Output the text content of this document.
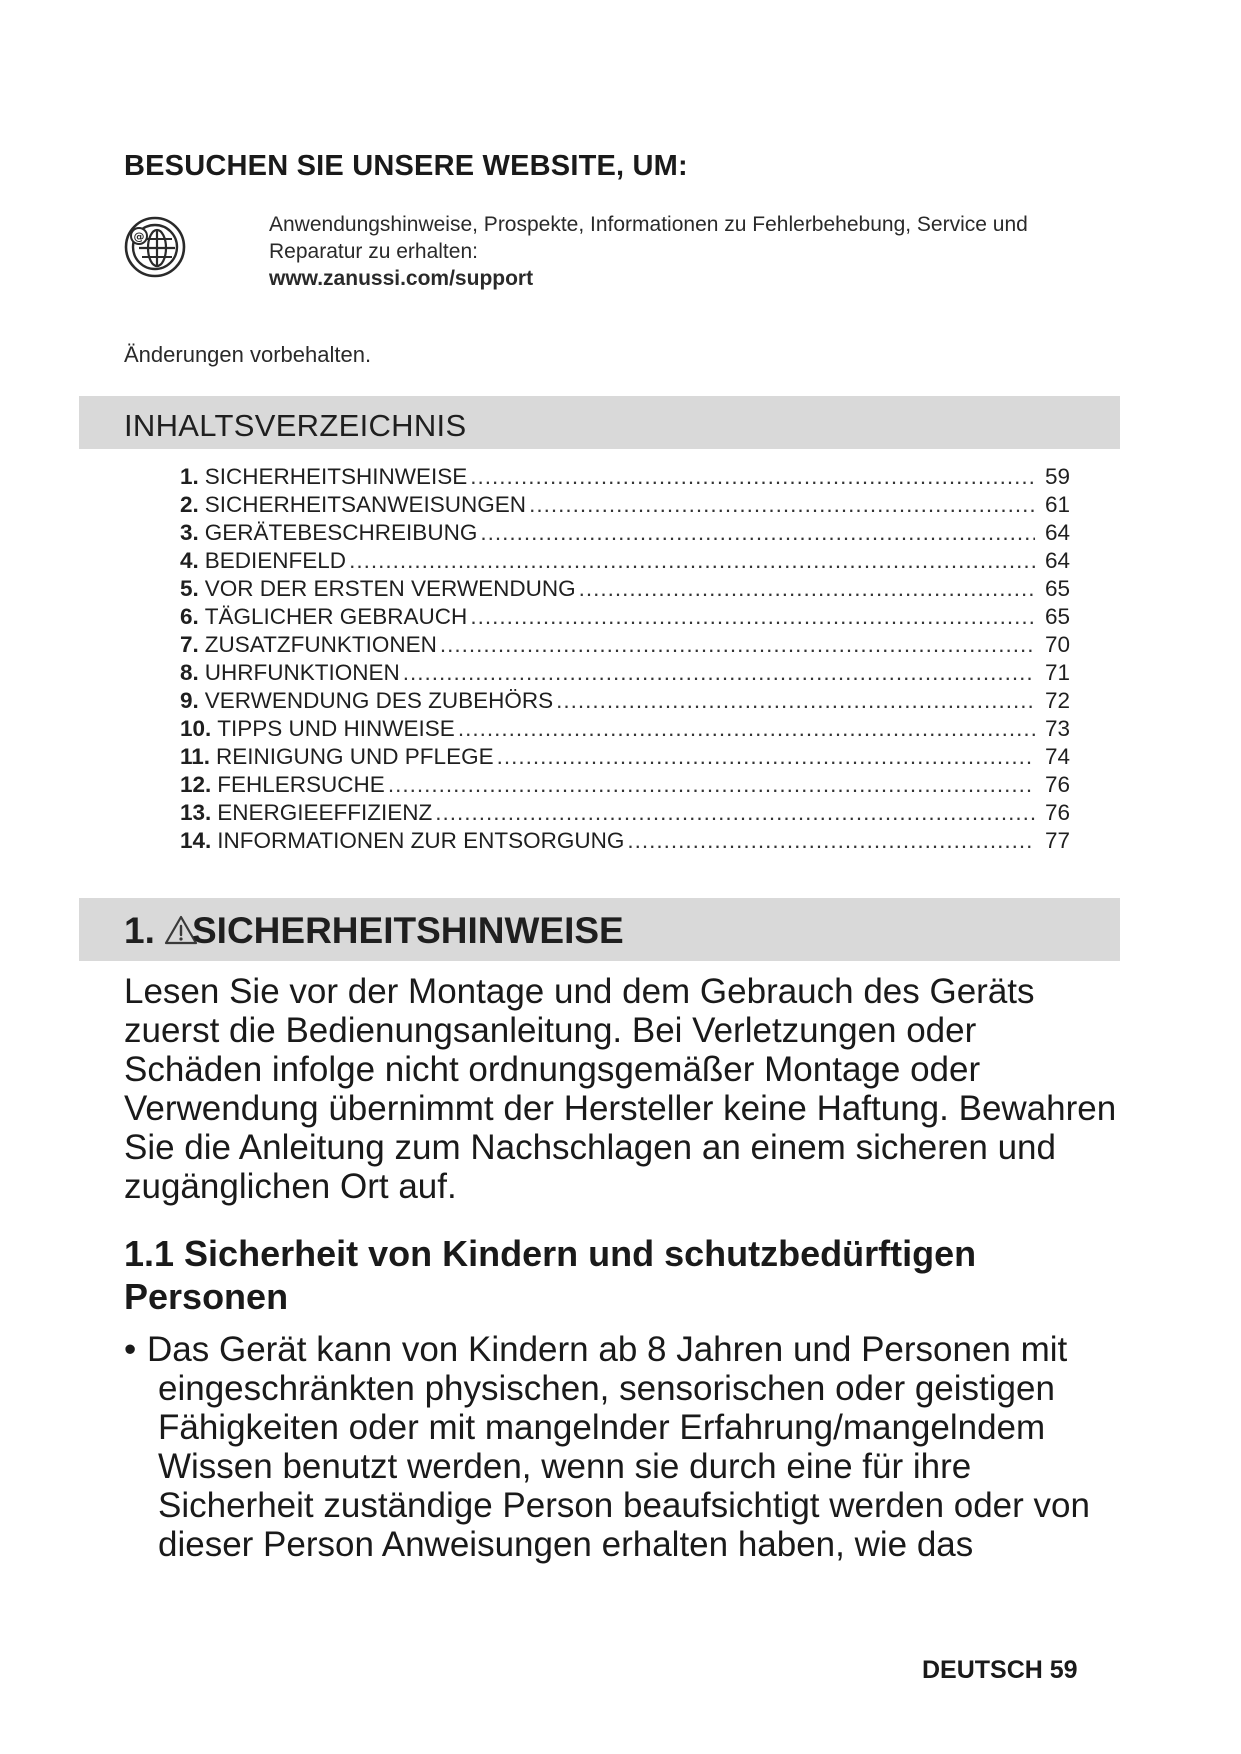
BESUCHEN SIE UNSERE WEBSITE, UM:
@
Anwendungshinweise, Prospekte, Informationen zu Fehlerbehebung, Service und Reparatur zu erhalten:
www.zanussi.com/support
Änderungen vorbehalten.
INHALTSVERZEICHNIS
1. SICHERHEITSHINWEISE .....	59
2. SICHERHEITSANWEISUNGEN .....	61
3. GERÄTEBESCHREIBUNG .....	64
4. BEDIENFELD .....	64
5. VOR DER ERSTEN VERWENDUNG .....	65
6. TÄGLICHER GEBRAUCH .....	65
7. ZUSATZFUNKTIONEN .....	70
8. UHRFUNKTIONEN .....	71
9. VERWENDUNG DES ZUBEHÖRS .....	72
10. TIPPS UND HINWEISE .....	73
11. REINIGUNG UND PFLEGE .....	74
12. FEHLERSUCHE .....	76
13. ENERGIEEFFIZIENZ .....	76
14. INFORMATIONEN ZUR ENTSORGUNG .....	77
1. SICHERHEITSHINWEISE
Lesen Sie vor der Montage und dem Gebrauch des Geräts zuerst die Bedienungsanleitung. Bei Verletzungen oder Schäden infolge nicht ordnungsgemäßer Montage oder Verwendung übernimmt der Hersteller keine Haftung. Bewahren Sie die Anleitung zum Nachschlagen an einem sicheren und zugänglichen Ort auf.
1.1 Sicherheit von Kindern und schutzbedürftigen Personen
• Das Gerät kann von Kindern ab 8 Jahren und Personen mit eingeschränkten physischen, sensorischen oder geistigen Fähigkeiten oder mit mangelnder Erfahrung/mangelndem Wissen benutzt werden, wenn sie durch eine für ihre Sicherheit zuständige Person beaufsichtigt werden oder von dieser Person Anweisungen erhalten haben, wie das
DEUTSCH 59
